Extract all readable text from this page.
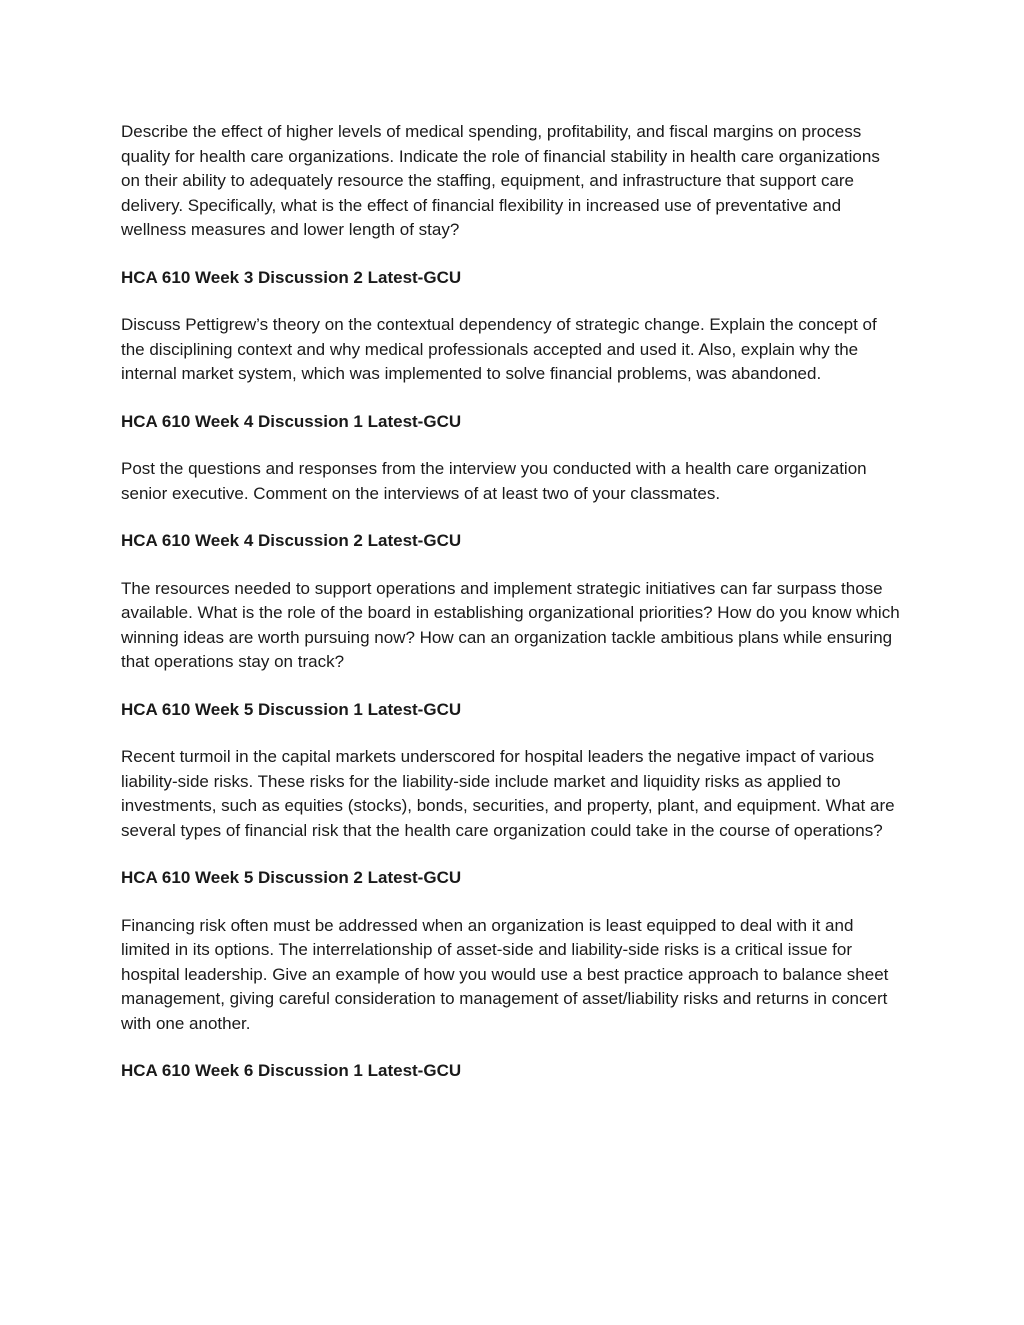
Describe the effect of higher levels of medical spending, profitability, and fiscal margins on process quality for health care organizations. Indicate the role of financial stability in health care organizations on their ability to adequately resource the staffing, equipment, and infrastructure that support care delivery. Specifically, what is the effect of financial flexibility in increased use of preventative and wellness measures and lower length of stay?

HCA 610 Week 3 Discussion 2 Latest-GCU

Discuss Pettigrew’s theory on the contextual dependency of strategic change. Explain the concept of the disciplining context and why medical professionals accepted and used it. Also, explain why the internal market system, which was implemented to solve financial problems, was abandoned.

HCA 610 Week 4 Discussion 1 Latest-GCU

Post the questions and responses from the interview you conducted with a health care organization senior executive. Comment on the interviews of at least two of your classmates.

HCA 610 Week 4 Discussion 2 Latest-GCU

The resources needed to support operations and implement strategic initiatives can far surpass those available. What is the role of the board in establishing organizational priorities? How do you know which winning ideas are worth pursuing now? How can an organization tackle ambitious plans while ensuring that operations stay on track?

HCA 610 Week 5 Discussion 1 Latest-GCU

Recent turmoil in the capital markets underscored for hospital leaders the negative impact of various liability-side risks. These risks for the liability-side include market and liquidity risks as applied to investments, such as equities (stocks), bonds, securities, and property, plant, and equipment. What are several types of financial risk that the health care organization could take in the course of operations?

HCA 610 Week 5 Discussion 2 Latest-GCU

Financing risk often must be addressed when an organization is least equipped to deal with it and limited in its options. The interrelationship of asset-side and liability-side risks is a critical issue for hospital leadership. Give an example of how you would use a best practice approach to balance sheet management, giving careful consideration to management of asset/liability risks and returns in concert with one another.

HCA 610 Week 6 Discussion 1 Latest-GCU
